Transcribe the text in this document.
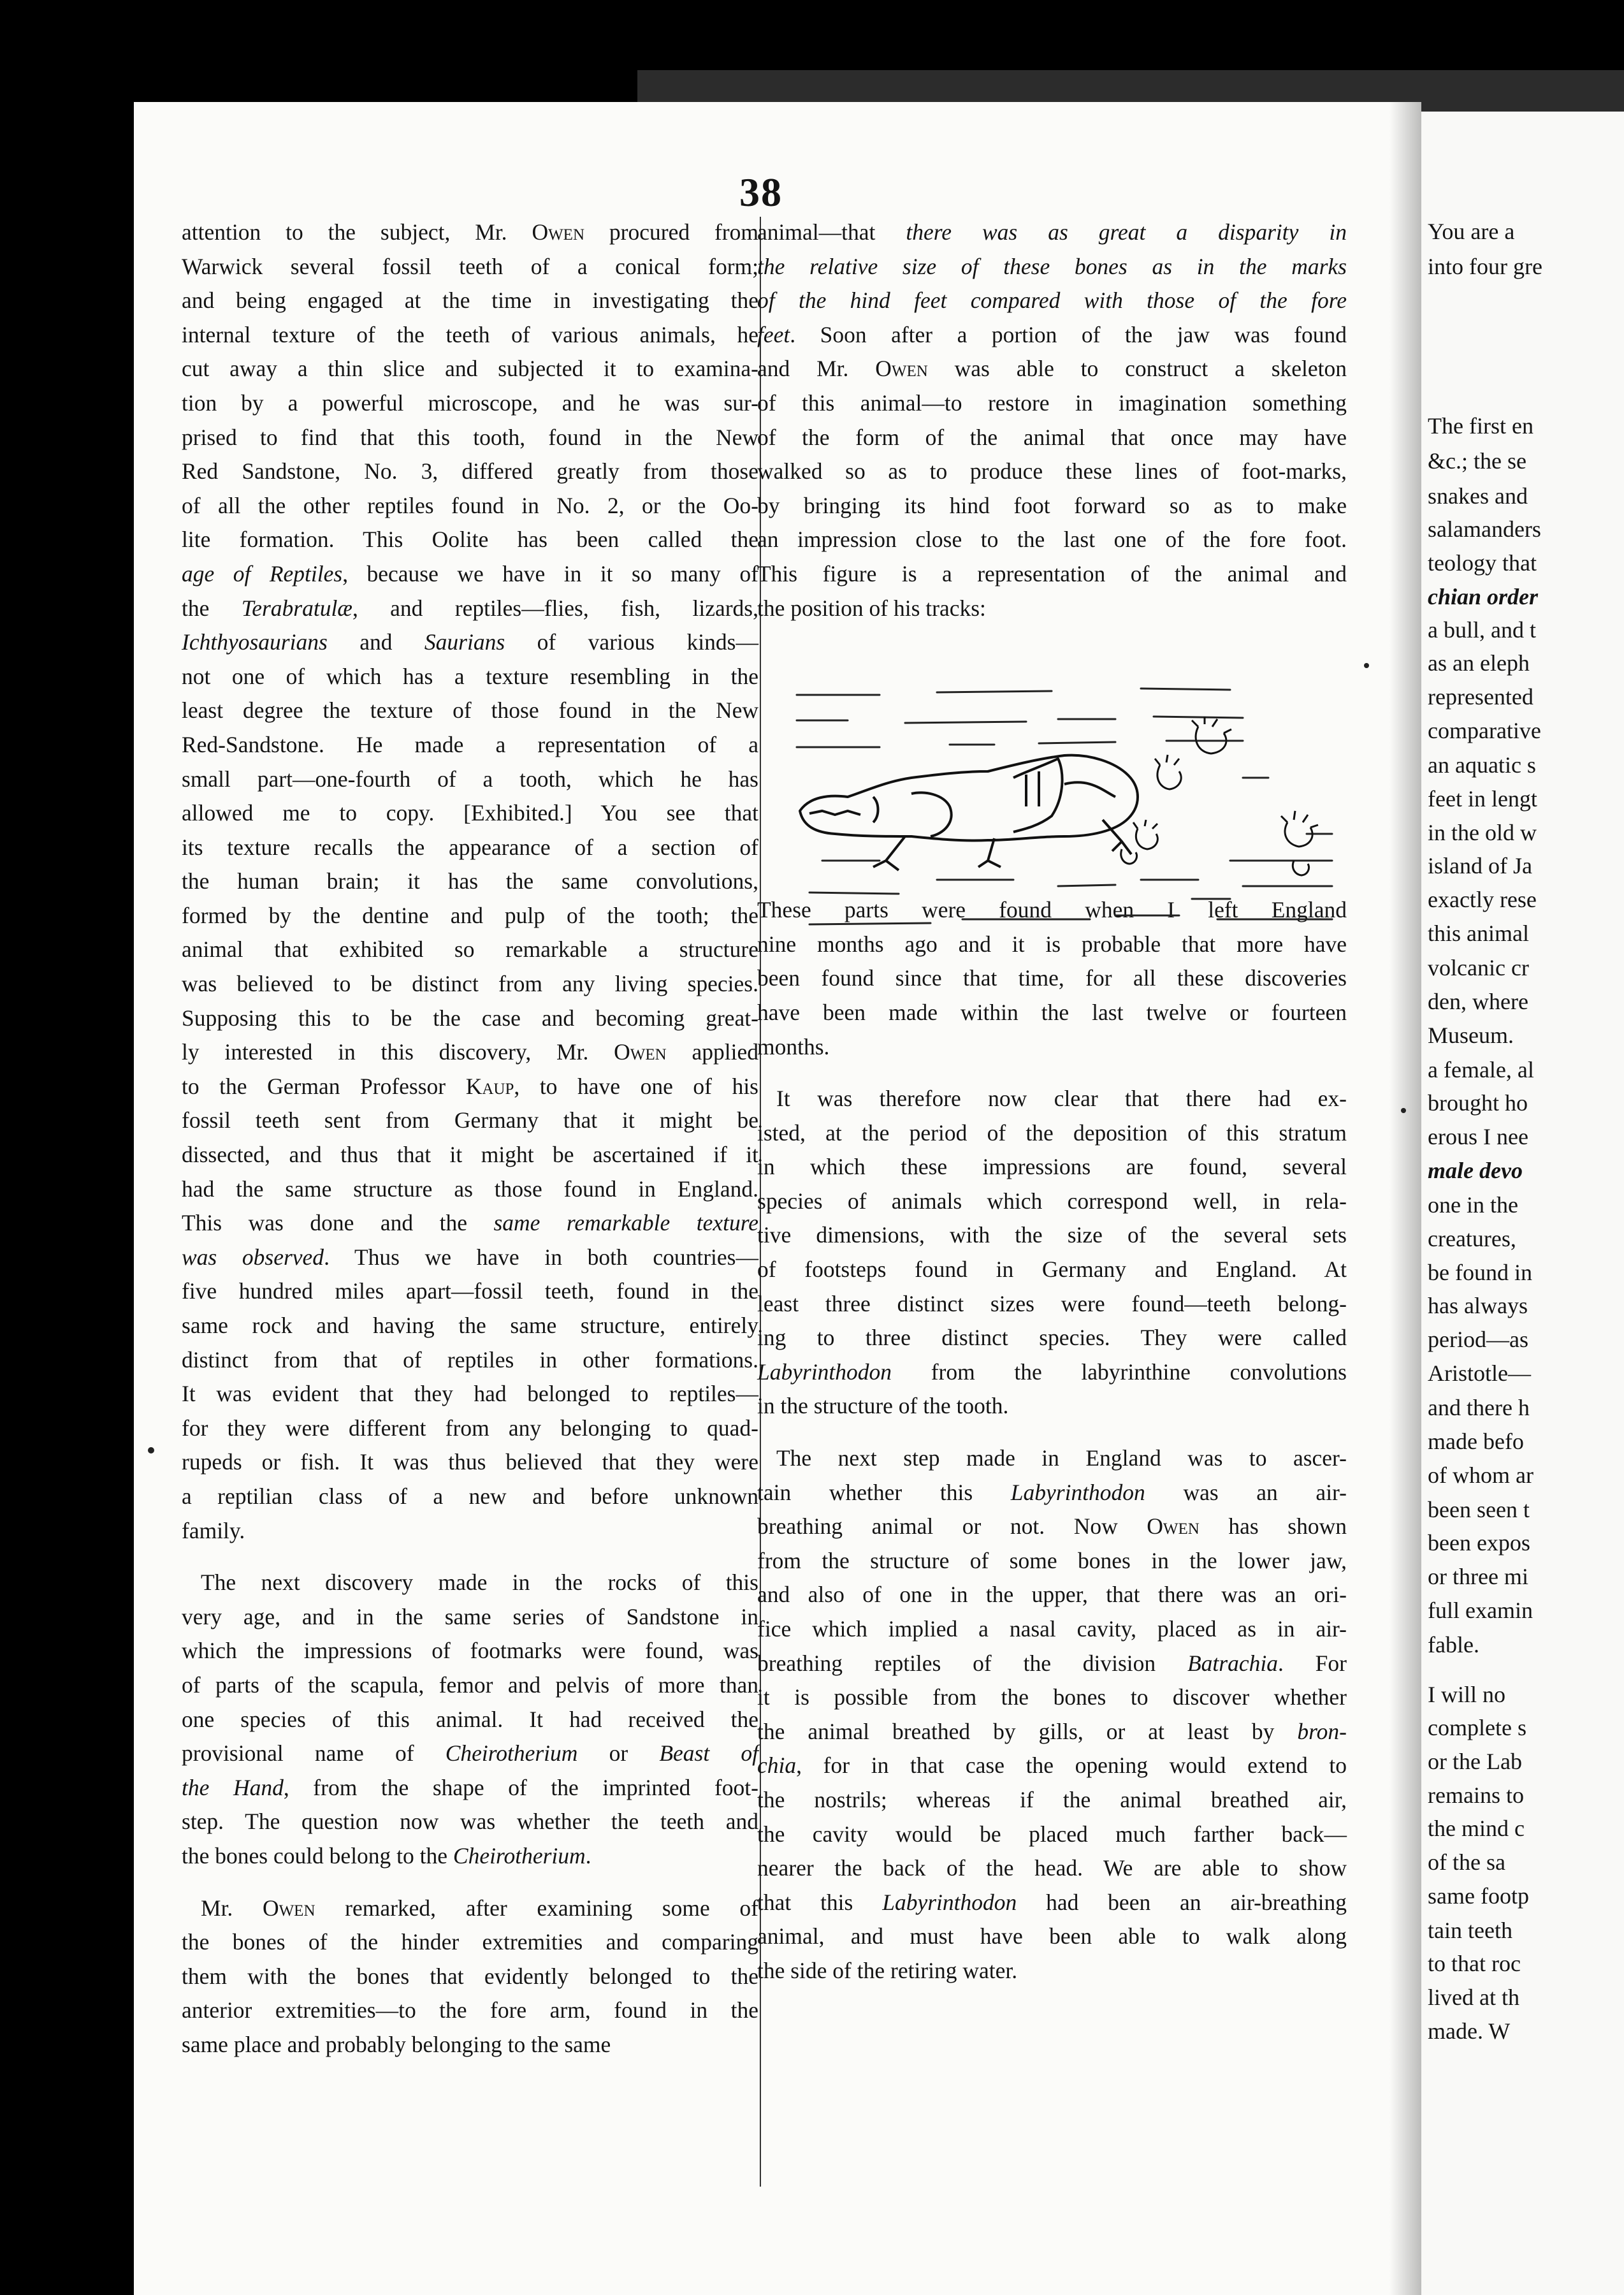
You are a
into four gre
The first en
&c.; the se
snakes and
salamanders
teology that
chian order
a bull, and t
as an eleph
represented
comparative
an aquatic s
feet in lengt
in the old w
island of Ja
exactly rese
this animal
volcanic cr
den, where
Museum.
a female, al
brought ho
erous I nee
male devo
one in the
creatures,
be found in
has always
period—as
Aristotle—
and there h
made befo
of whom ar
been seen t
been expos
or three mi
full examin
fable.
I will no
complete s
or the Lab
remains to
the mind c
of the sa
same footp
tain teeth
to that roc
lived at th
made. W
38
attention to the subject, Mr. Owen procured from
Warwick several fossil teeth of a conical form;
and being engaged at the time in investigating the
internal texture of the teeth of various animals, he
cut away a thin slice and subjected it to examina-
tion by a powerful microscope, and he was sur-
prised to find that this tooth, found in the New
Red Sandstone, No. 3, differed greatly from those
of all the other reptiles found in No. 2, or the Oo-
lite formation. This Oolite has been called the
age of Reptiles, because we have in it so many of
the Terabratulæ, and reptiles—flies, fish, lizards,
Ichthyosaurians and Saurians of various kinds—
not one of which has a texture resembling in the
least degree the texture of those found in the New
Red-Sandstone. He made a representation of a
small part—one-fourth of a tooth, which he has
allowed me to copy. [Exhibited.] You see that
its texture recalls the appearance of a section of
the human brain; it has the same convolutions,
formed by the dentine and pulp of the tooth; the
animal that exhibited so remarkable a structure
was believed to be distinct from any living species.
Supposing this to be the case and becoming great-
ly interested in this discovery, Mr. Owen applied
to the German Professor Kaup, to have one of his
fossil teeth sent from Germany that it might be
dissected, and thus that it might be ascertained if it
had the same structure as those found in England.
This was done and the same remarkable texture
was observed. Thus we have in both countries—
five hundred miles apart—fossil teeth, found in the
same rock and having the same structure, entirely
distinct from that of reptiles in other formations.
It was evident that they had belonged to reptiles—
for they were different from any belonging to quad-
rupeds or fish. It was thus believed that they were
a reptilian class of a new and before unknown
family.
The next discovery made in the rocks of this
very age, and in the same series of Sandstone in
which the impressions of footmarks were found, was
of parts of the scapula, femor and pelvis of more than
one species of this animal. It had received the
provisional name of Cheirotherium or Beast of
the Hand, from the shape of the imprinted foot-
step. The question now was whether the teeth and
the bones could belong to the Cheirotherium.
Mr. Owen remarked, after examining some of
the bones of the hinder extremities and comparing
them with the bones that evidently belonged to the
anterior extremities—to the fore arm, found in the
same place and probably belonging to the same
animal—that there was as great a disparity in
the relative size of these bones as in the marks
of the hind feet compared with those of the fore
feet. Soon after a portion of the jaw was found
and Mr. Owen was able to construct a skeleton
of this animal—to restore in imagination something
of the form of the animal that once may have
walked so as to produce these lines of foot-marks,
by bringing its hind foot forward so as to make
an impression close to the last one of the fore foot.
This figure is a representation of the animal and
the position of his tracks:
These parts were found when I left England
nine months ago and it is probable that more have
been found since that time, for all these discoveries
have been made within the last twelve or fourteen
months.
It was therefore now clear that there had ex-
isted, at the period of the deposition of this stratum
in which these impressions are found, several
species of animals which correspond well, in rela-
tive dimensions, with the size of the several sets
of footsteps found in Germany and England. At
least three distinct sizes were found—teeth belong-
ing to three distinct species. They were called
Labyrinthodon from the labyrinthine convolutions
in the structure of the tooth.
The next step made in England was to ascer-
tain whether this Labyrinthodon was an air-
breathing animal or not. Now Owen has shown
from the structure of some bones in the lower jaw,
and also of one in the upper, that there was an ori-
fice which implied a nasal cavity, placed as in air-
breathing reptiles of the division Batrachia. For
it is possible from the bones to discover whether
the animal breathed by gills, or at least by bron-
chia, for in that case the opening would extend to
the nostrils; whereas if the animal breathed air,
the cavity would be placed much farther back—
nearer the back of the head. We are able to show
that this Labyrinthodon had been an air-breathing
animal, and must have been able to walk along
the side of the retiring water.
